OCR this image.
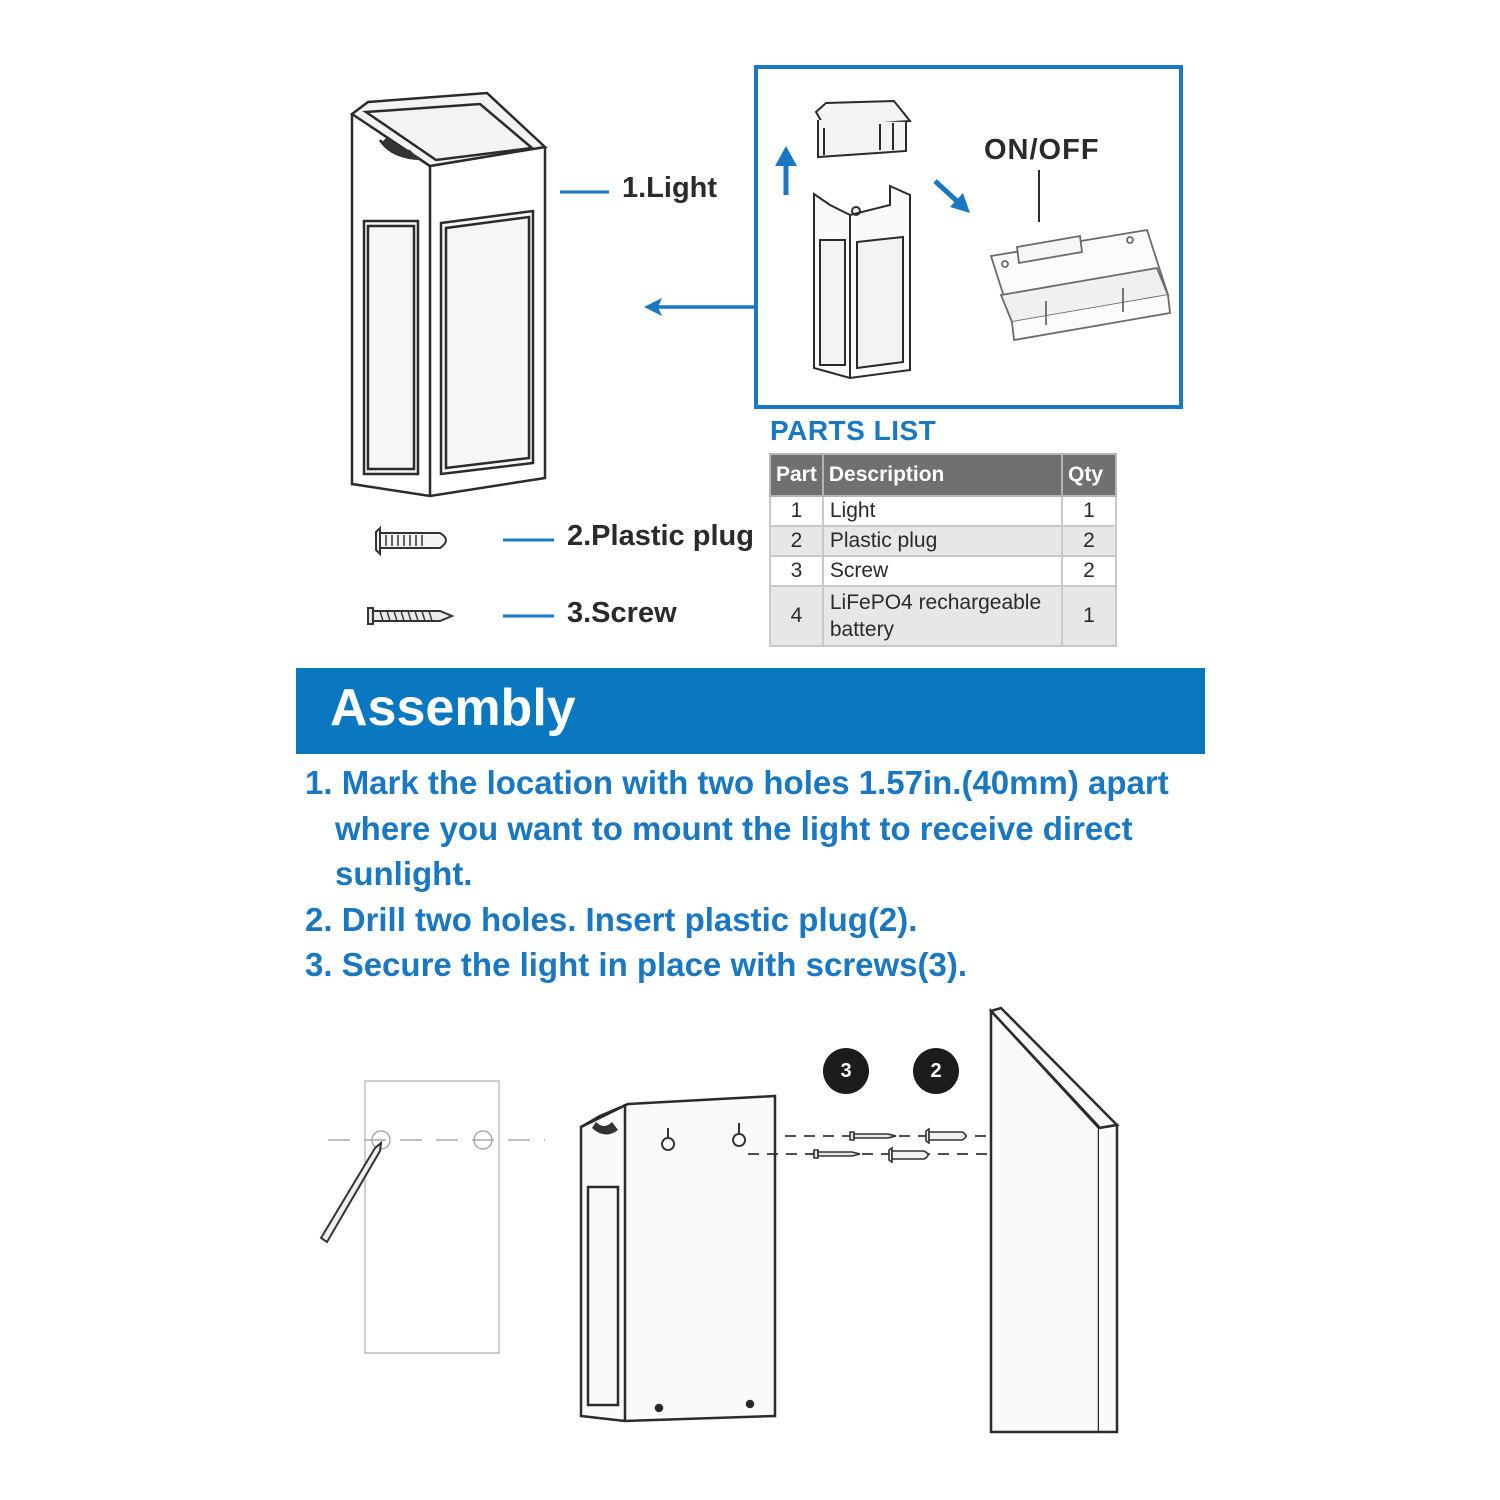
1.Light
2.Plastic plug
3.Screw
ON/OFF
PARTS LIST
Part	Description	Qty
1	Light	1
2	Plastic plug	2
3	Screw	2
4	LiFePO4 rechargeable battery	1
Assembly
1. Mark the location with two holes 1.57in.(40mm) apart where you want to mount the light to receive direct sunlight.
2. Drill two holes. Insert plastic plug(2).
3. Secure the light in place with screws(3).
3	2
